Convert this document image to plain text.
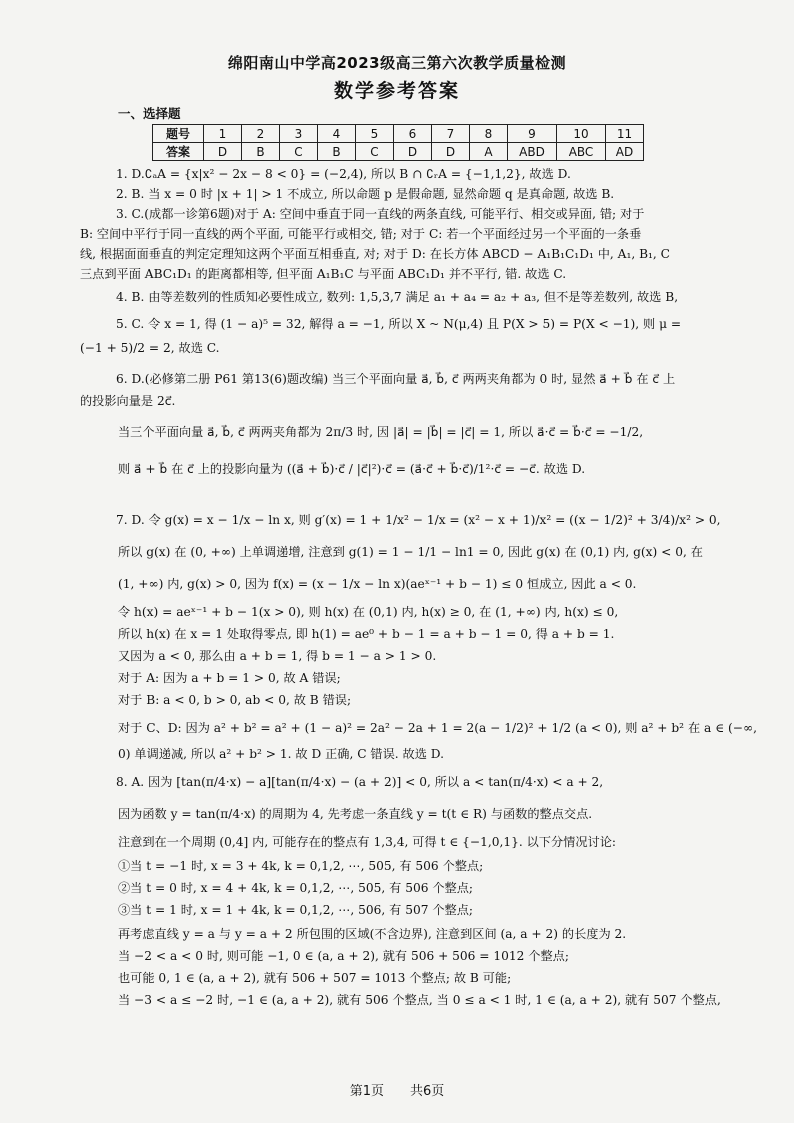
绵阳南山中学高2023级高三第六次教学质量检测
数学参考答案
一、选择题
题号	1	2	3	4	5	6	7	8	9	10	11
答案	D	B	C	B	C	D	D	A	ABD	ABC	AD
1. D.∁ₐA = {x|x² − 2x − 8 < 0} = (−2,4), 所以 B ∩ ∁ᵣA = {−1,1,2}, 故选 D.
2. B. 当 x = 0 时 |x + 1| > 1 不成立, 所以命题 p 是假命题, 显然命题 q 是真命题, 故选 B.
3. C.(成都一诊第6题)对于 A: 空间中垂直于同一直线的两条直线, 可能平行、相交或异面, 错; 对于
B: 空间中平行于同一直线的两个平面, 可能平行或相交, 错; 对于 C: 若一个平面经过另一个平面的一条垂
线, 根据面面垂直的判定定理知这两个平面互相垂直, 对; 对于 D: 在长方体 ABCD − A₁B₁C₁D₁ 中, A₁, B₁, C
三点到平面 ABC₁D₁ 的距离都相等, 但平面 A₁B₁C 与平面 ABC₁D₁ 并不平行, 错. 故选 C.
4. B. 由等差数列的性质知必要性成立, 数列: 1,5,3,7 满足 a₁ + a₄ = a₂ + a₃, 但不是等差数列, 故选 B,
5. C. 令 x = 1, 得 (1 − a)⁵ = 32, 解得 a = −1, 所以 X ~ N(μ,4) 且 P(X > 5) = P(X < −1), 则 μ =
(−1 + 5)/2 = 2, 故选 C.
6. D.(必修第二册 P61 第13(6)题改编) 当三个平面向量 a⃗, b⃗, c⃗ 两两夹角都为 0 时, 显然 a⃗ + b⃗ 在 c⃗ 上
的投影向量是 2c⃗.
当三个平面向量 a⃗, b⃗, c⃗ 两两夹角都为 2π/3 时, 因 |a⃗| = |b⃗| = |c⃗| = 1, 所以 a⃗·c⃗ = b⃗·c⃗ = −1/2,
则 a⃗ + b⃗ 在 c⃗ 上的投影向量为 ((a⃗ + b⃗)·c⃗ / |c⃗|²)·c⃗ = (a⃗·c⃗ + b⃗·c⃗)/1²·c⃗ = −c⃗. 故选 D.
7. D. 令 g(x) = x − 1/x − ln x, 则 g′(x) = 1 + 1/x² − 1/x = (x² − x + 1)/x² = ((x − 1/2)² + 3/4)/x² > 0,
所以 g(x) 在 (0, +∞) 上单调递增, 注意到 g(1) = 1 − 1/1 − ln1 = 0, 因此 g(x) 在 (0,1) 内, g(x) < 0, 在
(1, +∞) 内, g(x) > 0, 因为 f(x) = (x − 1/x − ln x)(aeˣ⁻¹ + b − 1) ≤ 0 恒成立, 因此 a < 0.
令 h(x) = aeˣ⁻¹ + b − 1(x > 0), 则 h(x) 在 (0,1) 内, h(x) ≥ 0, 在 (1, +∞) 内, h(x) ≤ 0,
所以 h(x) 在 x = 1 处取得零点, 即 h(1) = ae⁰ + b − 1 = a + b − 1 = 0, 得 a + b = 1.
又因为 a < 0, 那么由 a + b = 1, 得 b = 1 − a > 1 > 0.
对于 A: 因为 a + b = 1 > 0, 故 A 错误;
对于 B: a < 0, b > 0, ab < 0, 故 B 错误;
对于 C、D: 因为 a² + b² = a² + (1 − a)² = 2a² − 2a + 1 = 2(a − 1/2)² + 1/2 (a < 0), 则 a² + b² 在 a ∈ (−∞,
0) 单调递减, 所以 a² + b² > 1. 故 D 正确, C 错误. 故选 D.
8. A. 因为 [tan(π/4·x) − a][tan(π/4·x) − (a + 2)] < 0, 所以 a < tan(π/4·x) < a + 2,
因为函数 y = tan(π/4·x) 的周期为 4, 先考虑一条直线 y = t(t ∈ R) 与函数的整点交点.
注意到在一个周期 (0,4] 内, 可能存在的整点有 1,3,4, 可得 t ∈ {−1,0,1}. 以下分情况讨论:
①当 t = −1 时, x = 3 + 4k, k = 0,1,2, ⋯, 505, 有 506 个整点;
②当 t = 0 时, x = 4 + 4k, k = 0,1,2, ⋯, 505, 有 506 个整点;
③当 t = 1 时, x = 1 + 4k, k = 0,1,2, ⋯, 506, 有 507 个整点;
再考虑直线 y = a 与 y = a + 2 所包围的区域(不含边界), 注意到区间 (a, a + 2) 的长度为 2.
当 −2 < a < 0 时, 则可能 −1, 0 ∈ (a, a + 2), 就有 506 + 506 = 1012 个整点;
也可能 0, 1 ∈ (a, a + 2), 就有 506 + 507 = 1013 个整点; 故 B 可能;
当 −3 < a ≤ −2 时, −1 ∈ (a, a + 2), 就有 506 个整点, 当 0 ≤ a < 1 时, 1 ∈ (a, a + 2), 就有 507 个整点,
第1页　　共6页
